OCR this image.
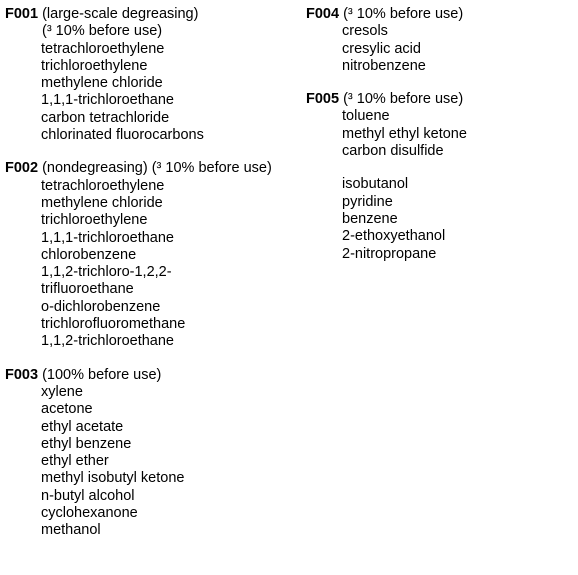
F001 (large-scale degreasing)
(³ 10% before use)
tetrachloroethylene
trichloroethylene
methylene chloride
1,1,1-trichloroethane
carbon tetrachloride
chlorinated fluorocarbons
F002 (nondegreasing) (³ 10% before use)
tetrachloroethylene
methylene chloride
trichloroethylene
1,1,1-trichloroethane
chlorobenzene
1,1,2-trichloro-1,2,2-trifluoroethane
o-dichlorobenzene
trichlorofluoromethane
1,1,2-trichloroethane
F003 (100% before use)
xylene
acetone
ethyl acetate
ethyl benzene
ethyl ether
methyl isobutyl ketone
n-butyl alcohol
cyclohexanone
methanol
F004 (³ 10% before use)
cresols
cresylic acid
nitrobenzene
F005 (³ 10% before use)
toluene
methyl ethyl ketone
carbon disulfide
isobutanol
pyridine
benzene
2-ethoxyethanol
2-nitropropane
